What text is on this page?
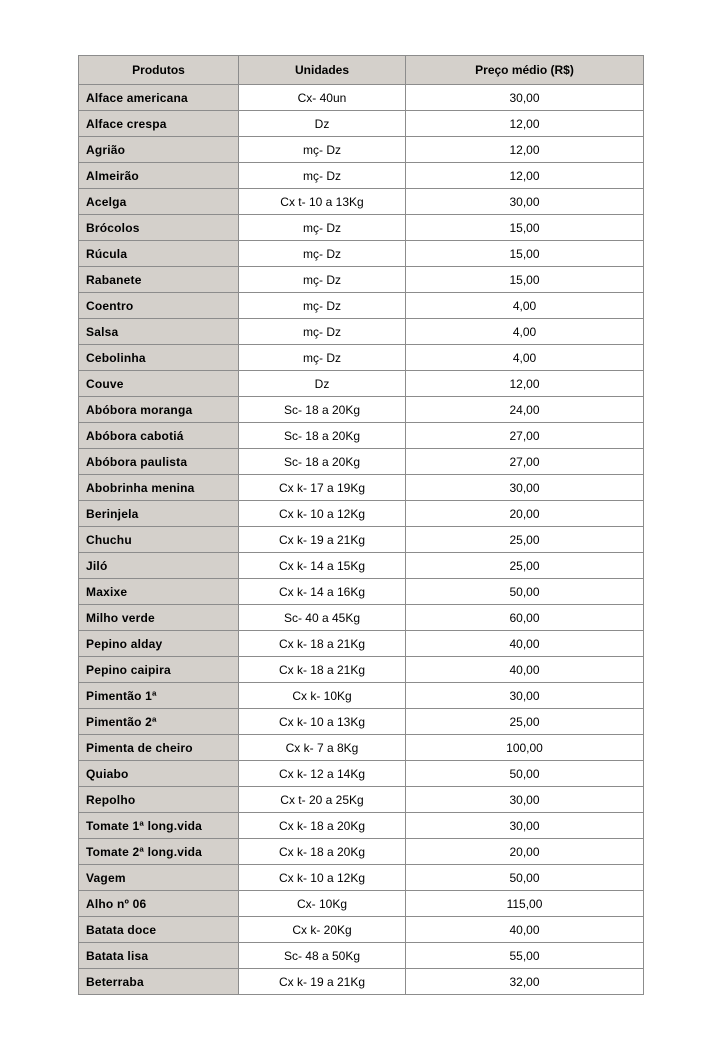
Produtos	Unidades	Preço médio (R$)
Alface americana	Cx- 40un	30,00
Alface crespa	Dz	12,00
Agrião	mç- Dz	12,00
Almeirão	mç- Dz	12,00
Acelga	Cx t- 10 a 13Kg	30,00
Brócolos	mç- Dz	15,00
Rúcula	mç- Dz	15,00
Rabanete	mç- Dz	15,00
Coentro	mç- Dz	4,00
Salsa	mç- Dz	4,00
Cebolinha	mç- Dz	4,00
Couve	Dz	12,00
Abóbora moranga	Sc- 18 a 20Kg	24,00
Abóbora cabotiá	Sc- 18 a 20Kg	27,00
Abóbora paulista	Sc- 18 a 20Kg	27,00
Abobrinha menina	Cx k- 17 a 19Kg	30,00
Berinjela	Cx k- 10 a 12Kg	20,00
Chuchu	Cx k- 19 a 21Kg	25,00
Jiló	Cx k- 14 a 15Kg	25,00
Maxixe	Cx k- 14 a 16Kg	50,00
Milho verde	Sc- 40 a 45Kg	60,00
Pepino alday	Cx k- 18 a 21Kg	40,00
Pepino caipira	Cx k- 18 a 21Kg	40,00
Pimentão 1ª	Cx k- 10Kg	30,00
Pimentão 2ª	Cx k- 10 a 13Kg	25,00
Pimenta de cheiro	Cx k- 7 a 8Kg	100,00
Quiabo	Cx k- 12 a 14Kg	50,00
Repolho	Cx t- 20 a 25Kg	30,00
Tomate 1ª long.vida	Cx k- 18 a 20Kg	30,00
Tomate 2ª long.vida	Cx k- 18 a 20Kg	20,00
Vagem	Cx k- 10 a 12Kg	50,00
Alho nº 06	Cx- 10Kg	115,00
Batata doce	Cx k- 20Kg	40,00
Batata lisa	Sc- 48 a 50Kg	55,00
Beterraba	Cx k- 19 a 21Kg	32,00
